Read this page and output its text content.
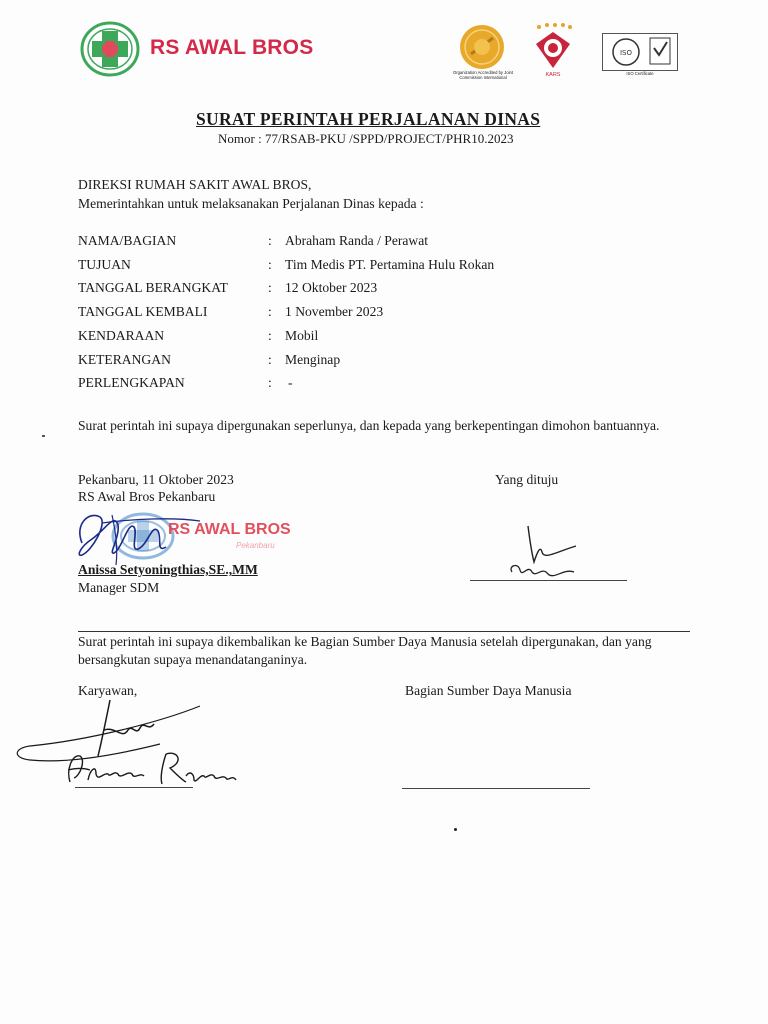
RS AWAL BROS
Organization Accredited by Joint Commission International	KARS
ISO
ISO Certificate
SURAT PERINTAH PERJALANAN DINAS
Nomor : 77/RSAB-PKU /SPPD/PROJECT/PHR10.2023
DIREKSI RUMAH SAKIT AWAL BROS,
Memerintahkan untuk melaksanakan Perjalanan Dinas kepada :
NAMA/BAGIAN	: Abraham Randa / Perawat
TUJUAN	: Tim Medis PT. Pertamina Hulu Rokan
TANGGAL BERANGKAT	: 12 Oktober 2023
TANGGAL KEMBALI	: 1 November 2023
KENDARAAN	: Mobil
KETERANGAN	: Menginap
PERLENGKAPAN	: -
Surat perintah ini supaya dipergunakan seperlunya, dan kepada yang berkepentingan dimohon bantuannya.
Pekanbaru, 11 Oktober 2023
RS Awal Bros Pekanbaru
Yang dituju
RS AWAL BROS
Pekanbaru
Anissa Setyoningthias,SE.,MM
Manager SDM
Surat perintah ini supaya dikembalikan ke Bagian Sumber Daya Manusia setelah dipergunakan, dan yang bersangkutan supaya menandatanganinya.
Karyawan,	Bagian Sumber Daya Manusia
